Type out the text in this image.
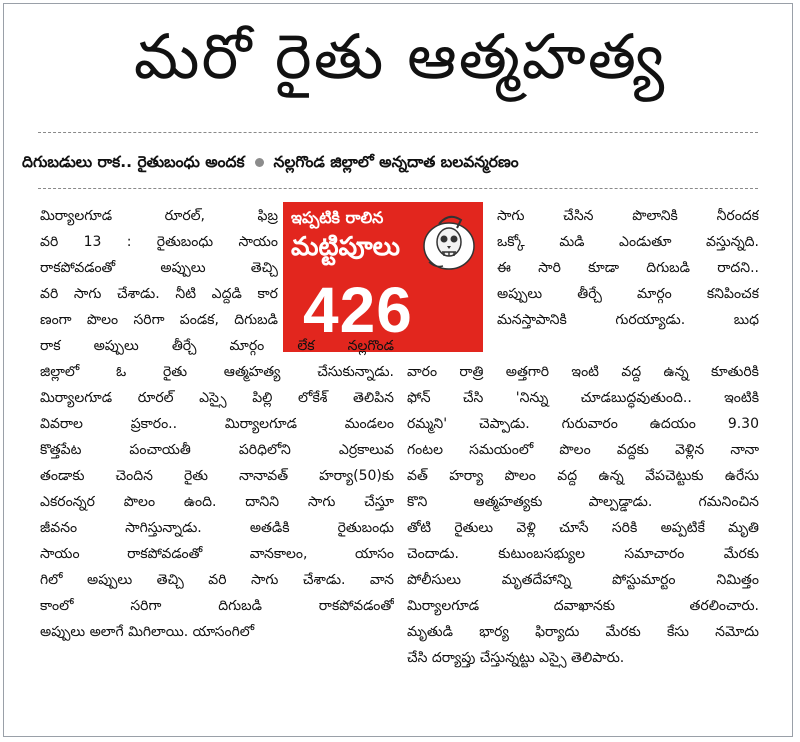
మరో రైతు ఆత్మహత్య
దిగుబడులు రాక.. రైతుబంధు అందక నల్లగొండ జిల్లాలో అన్నదాత బలవన్మరణం
ఇప్పటికి రాలిన
మట్టిపూలు
426
మిర్యాలగూడ రూరల్, ఫిబ్ర
వరి 13 : రైతుబంధు సాయం
రాకపోవడంతో అప్పులు తెచ్చి
వరి సాగు చేశాడు. నీటి ఎద్దడి కార
ణంగా పొలం సరిగా పండక, దిగుబడి
రాక అప్పులు తీర్చే మార్గం లేక నల్లగొండ
జిల్లాలో ఓ రైతు ఆత్మహత్య చేసుకున్నాడు.
మిర్యాలగూడ రూరల్ ఎస్సై పిల్లి లోకేశ్ తెలిపిన
వివరాల ప్రకారం.. మిర్యాలగూడ మండలం
కొత్తపేట పంచాయతీ పరిధిలోని ఎర్రకాలువ
తండాకు చెందిన రైతు నానావత్ హర్యా(50)కు
ఎకరంన్నర పొలం ఉంది. దానిని సాగు చేస్తూ
జీవనం సాగిస్తున్నాడు. అతడికి రైతుబంధు
సాయం రాకపోవడంతో వానకాలం, యాసం
గిలో అప్పులు తెచ్చి వరి సాగు చేశాడు. వాన
కాంలో సరిగా దిగుబడి రాకపోవడంతో
అప్పులు అలాగే మిగిలాయి. యాసంగిలో
సాగు చేసిన పొలానికి నీరందక
ఒక్కో మడి ఎండుతూ వస్తున్నది.
ఈ సారి కూడా దిగుబడి రాదని..
అప్పులు తీర్చే మార్గం కనిపించక
మనస్తాపానికి గురయ్యాడు. బుధ
వారం రాత్రి అత్తగారి ఇంటి వద్ద ఉన్న కూతురికి
ఫోన్ చేసి 'నిన్ను చూడబుద్ధవుతుంది.. ఇంటికి
రమ్మని' చెప్పాడు. గురువారం ఉదయం 9.30
గంటల సమయంలో పొలం వద్దకు వెళ్లిన నానా
వత్ హర్యా పొలం వద్ద ఉన్న వేపచెట్టుకు ఉరేసు
కొని ఆత్మహత్యకు పాల్పడ్డాడు. గమనించిన
తోటి రైతులు వెళ్లి చూసే సరికి అప్పటికే మృతి
చెందాడు. కుటుంబసభ్యుల సమాచారం మేరకు
పోలీసులు మృతదేహాన్ని పోస్టుమార్టం నిమిత్తం
మిర్యాలగూడ దవాఖానకు తరలించారు.
మృతుడి భార్య ఫిర్యాదు మేరకు కేసు నమోదు
చేసి దర్యాప్తు చేస్తున్నట్టు ఎస్సై తెలిపారు.
